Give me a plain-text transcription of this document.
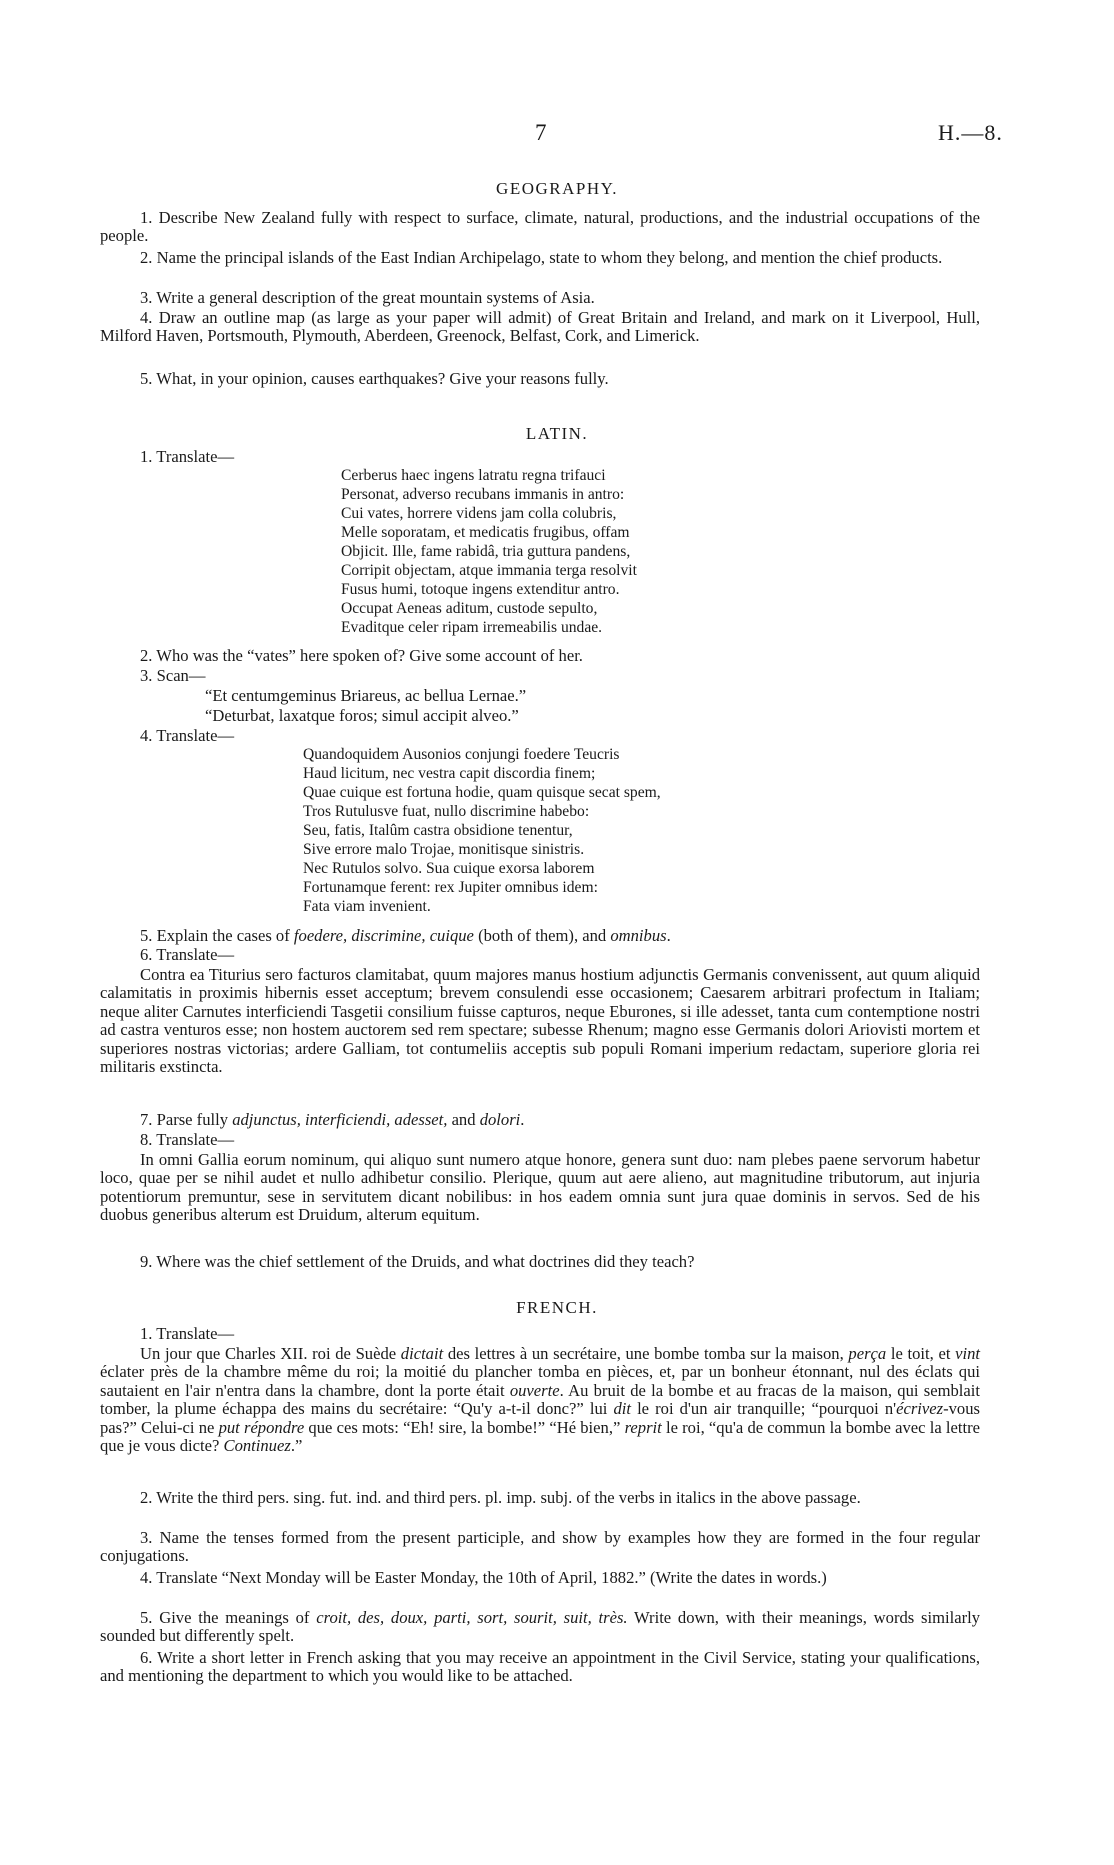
7	H.—8.
GEOGRAPHY.

1. Describe New Zealand fully with respect to surface, climate, natural, productions, and the industrial occupations of the people.

2. Name the principal islands of the East Indian Archipelago, state to whom they belong, and mention the chief products.

3. Write a general description of the great mountain systems of Asia.

4. Draw an outline map (as large as your paper will admit) of Great Britain and Ireland, and mark on it Liverpool, Hull, Milford Haven, Portsmouth, Plymouth, Aberdeen, Greenock, Belfast, Cork, and Limerick.

5. What, in your opinion, causes earthquakes? Give your reasons fully.

LATIN.

1. Translate—

Cerberus haec ingens latratu regna trifauci
Personat, adverso recubans immanis in antro:
Cui vates, horrere videns jam colla colubris,
Melle soporatam, et medicatis frugibus, offam
Objicit. Ille, fame rabidâ, tria guttura pandens,
Corripit objectam, atque immania terga resolvit
Fusus humi, totoque ingens extenditur antro.
Occupat Aeneas aditum, custode sepulto,
Evaditque celer ripam irremeabilis undae.

2. Who was the “vates” here spoken of? Give some account of her.

3. Scan—

“Et centumgeminus Briareus, ac bellua Lernae.”

“Deturbat, laxatque foros; simul accipit alveo.”

4. Translate—

Quandoquidem Ausonios conjungi foedere Teucris
Haud licitum, nec vestra capit discordia finem;
Quae cuique est fortuna hodie, quam quisque secat spem,
Tros Rutulusve fuat, nullo discrimine habebo:
Seu, fatis, Italûm castra obsidione tenentur,
Sive errore malo Trojae, monitisque sinistris.
Nec Rutulos solvo. Sua cuique exorsa laborem
Fortunamque ferent: rex Jupiter omnibus idem:
Fata viam invenient.

5. Explain the cases of foedere, discrimine, cuique (both of them), and omnibus.

6. Translate—

Contra ea Titurius sero facturos clamitabat, quum majores manus hostium adjunctis Germanis convenissent, aut quum aliquid calamitatis in proximis hibernis esset acceptum; brevem consulendi esse occasionem; Caesarem arbitrari profectum in Italiam; neque aliter Carnutes interficiendi Tasgetii consilium fuisse capturos, neque Eburones, si ille adesset, tanta cum contemptione nostri ad castra venturos esse; non hostem auctorem sed rem spectare; subesse Rhenum; magno esse Germanis dolori Ariovisti mortem et superiores nostras victorias; ardere Galliam, tot contumeliis acceptis sub populi Romani imperium redactam, superiore gloria rei militaris exstincta.

7. Parse fully adjunctus, interficiendi, adesset, and dolori.

8. Translate—

In omni Gallia eorum nominum, qui aliquo sunt numero atque honore, genera sunt duo: nam plebes paene servorum habetur loco, quae per se nihil audet et nullo adhibetur consilio. Plerique, quum aut aere alieno, aut magnitudine tributorum, aut injuria potentiorum premuntur, sese in servitutem dicant nobilibus: in hos eadem omnia sunt jura quae dominis in servos. Sed de his duobus generibus alterum est Druidum, alterum equitum.

9. Where was the chief settlement of the Druids, and what doctrines did they teach?

FRENCH.

1. Translate—

Un jour que Charles XII. roi de Suède dictait des lettres à un secrétaire, une bombe tomba sur la maison, perça le toit, et vint éclater près de la chambre même du roi; la moitié du plancher tomba en pièces, et, par un bonheur étonnant, nul des éclats qui sautaient en l'air n'entra dans la chambre, dont la porte était ouverte. Au bruit de la bombe et au fracas de la maison, qui semblait tomber, la plume échappa des mains du secrétaire: “Qu'y a-t-il donc?” lui dit le roi d'un air tranquille; “pourquoi n'écrivez-vous pas?” Celui-ci ne put répondre que ces mots: “Eh! sire, la bombe!” “Hé bien,” reprit le roi, “qu'a de commun la bombe avec la lettre que je vous dicte? Continuez.”

2. Write the third pers. sing. fut. ind. and third pers. pl. imp. subj. of the verbs in italics in the above passage.

3. Name the tenses formed from the present participle, and show by examples how they are formed in the four regular conjugations.

4. Translate “Next Monday will be Easter Monday, the 10th of April, 1882.” (Write the dates in words.)

5. Give the meanings of croit, des, doux, parti, sort, sourit, suit, très. Write down, with their meanings, words similarly sounded but differently spelt.

6. Write a short letter in French asking that you may receive an appointment in the Civil Service, stating your qualifications, and mentioning the department to which you would like to be attached.
